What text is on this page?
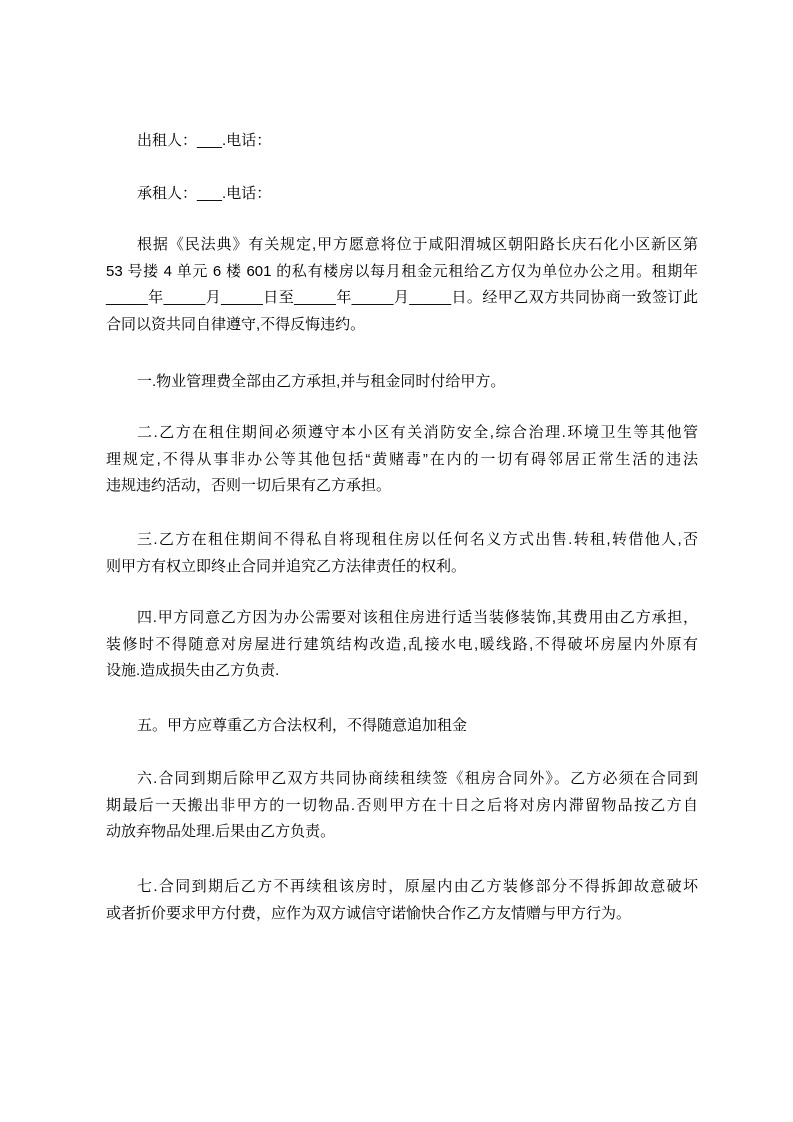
出租人：___.电话：
承租人：___.电话：
根据《民法典》有关规定,甲方愿意将位于咸阳渭城区朝阳路长庆石化小区新区第
53 号搂 4 单元 6 楼 601 的私有楼房以每月租金元租给乙方仅为单位办公之用。租期年
_____年_____月_____日至_____年_____月_____日。经甲乙双方共同协商一致签订此
合同以资共同自律遵守,不得反悔违约。
一.物业管理费全部由乙方承担,并与租金同时付给甲方。
二.乙方在租住期间必须遵守本小区有关消防安全,综合治理.环境卫生等其他管
理规定,不得从事非办公等其他包括“黄赌毒”在内的一切有碍邻居正常生活的违法
违规违约活动，否则一切后果有乙方承担。
三.乙方在租住期间不得私自将现租住房以任何名义方式出售.转租,转借他人,否
则甲方有权立即终止合同并追究乙方法律责任的权利。
四.甲方同意乙方因为办公需要对该租住房进行适当装修装饰,其费用由乙方承担，
装修时不得随意对房屋进行建筑结构改造,乱接水电,暖线路,不得破坏房屋内外原有
设施.造成损失由乙方负责.
五。甲方应尊重乙方合法权利，不得随意追加租金
六.合同到期后除甲乙双方共同协商续租续签《租房合同外》。乙方必须在合同到
期最后一天搬出非甲方的一切物品.否则甲方在十日之后将对房内滞留物品按乙方自
动放弃物品处理.后果由乙方负责。
七.合同到期后乙方不再续租该房时，原屋内由乙方装修部分不得拆卸故意破坏
或者折价要求甲方付费，应作为双方诚信守诺愉快合作乙方友情赠与甲方行为。
